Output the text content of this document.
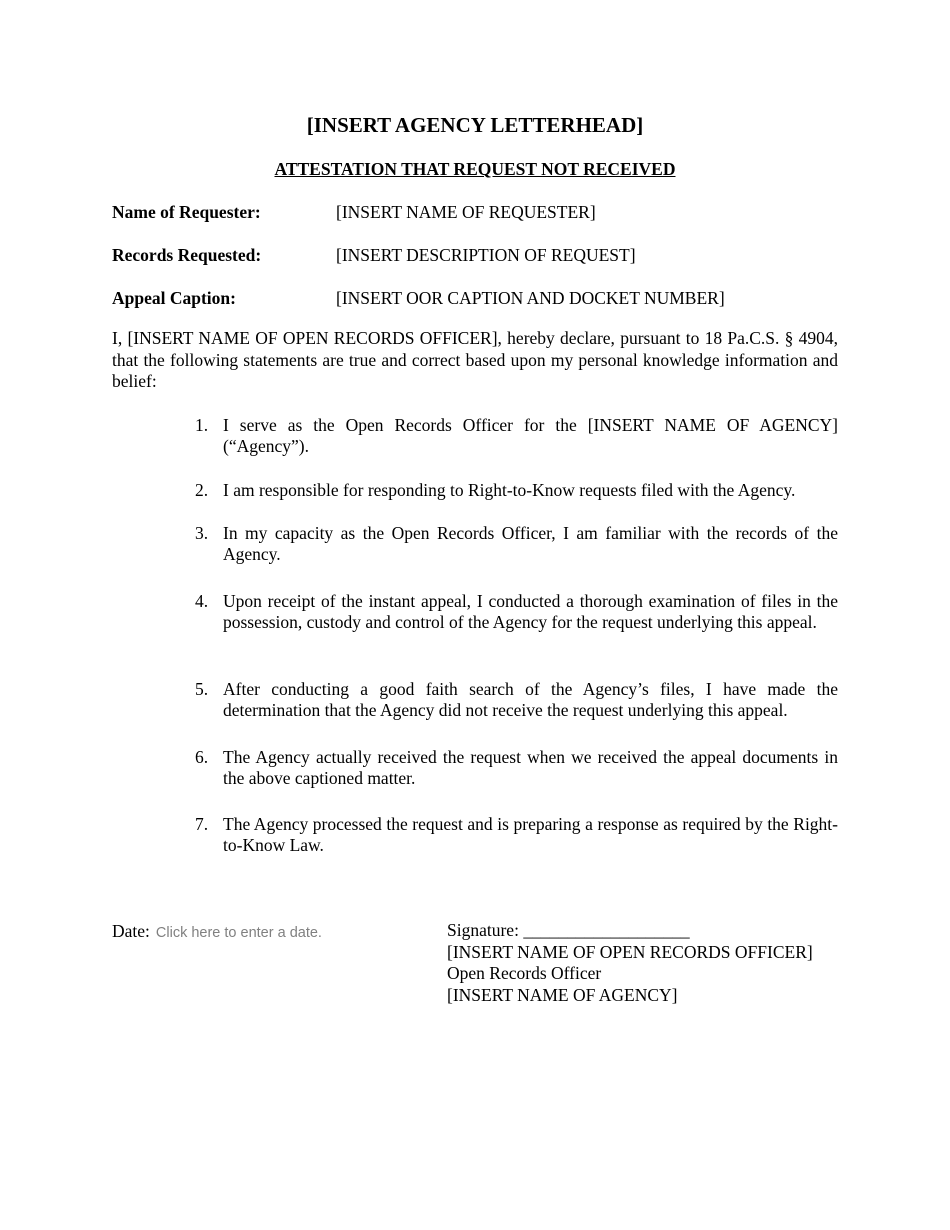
[INSERT AGENCY LETTERHEAD]
ATTESTATION THAT REQUEST NOT RECEIVED
Name of Requester:	[INSERT NAME OF REQUESTER]
Records Requested:	[INSERT DESCRIPTION OF REQUEST]
Appeal Caption:	[INSERT OOR CAPTION AND DOCKET NUMBER]
I, [INSERT NAME OF OPEN RECORDS OFFICER], hereby declare, pursuant to 18 Pa.C.S. § 4904, that the following statements are true and correct based upon my personal knowledge information and belief:
1. I serve as the Open Records Officer for the [INSERT NAME OF AGENCY] (“Agency”).
2. I am responsible for responding to Right-to-Know requests filed with the Agency.
3. In my capacity as the Open Records Officer, I am familiar with the records of the Agency.
4. Upon receipt of the instant appeal, I conducted a thorough examination of files in the possession, custody and control of the Agency for the request underlying this appeal.
5. After conducting a good faith search of the Agency’s files, I have made the determination that the Agency did not receive the request underlying this appeal.
6. The Agency actually received the request when we received the appeal documents in the above captioned matter.
7. The Agency processed the request and is preparing a response as required by the Right-to-Know Law.
Date: Click here to enter a date.	Signature: ___________________
[INSERT NAME OF OPEN RECORDS OFFICER]
Open Records Officer
[INSERT NAME OF AGENCY]
